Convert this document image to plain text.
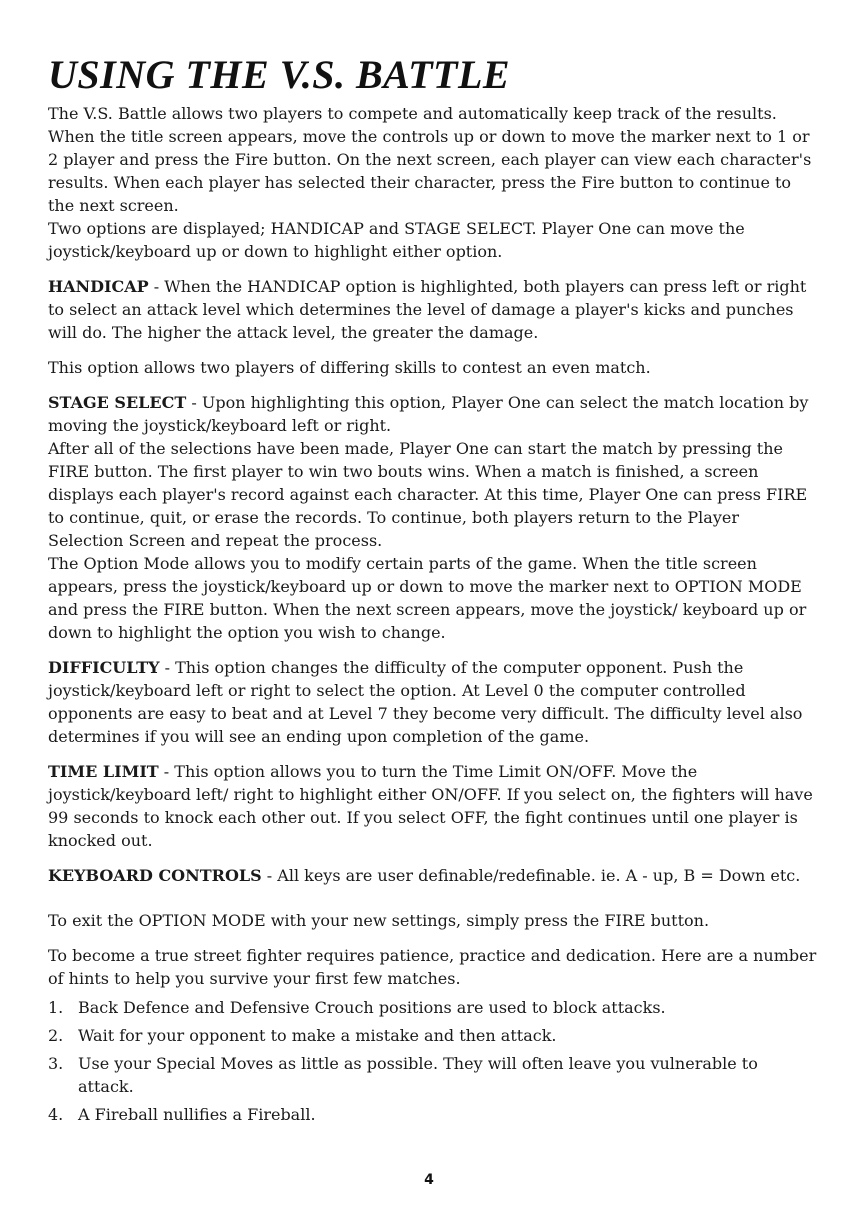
USING THE V.S. BATTLE

The V.S. Battle allows two players to compete and automatically keep track of the results. When the title screen appears, move the controls up or down to move the marker next to 1 or 2 player and press the Fire button. On the next screen, each player can view each character's results. When each player has selected their character, press the Fire button to continue to the next screen.

Two options are displayed; HANDICAP and STAGE SELECT. Player One can move the joystick/keyboard up or down to highlight either option.

HANDICAP - When the HANDICAP option is highlighted, both players can press left or right to select an attack level which determines the level of damage a player's kicks and punches will do. The higher the attack level, the greater the damage.

This option allows two players of differing skills to contest an even match.

STAGE SELECT - Upon highlighting this option, Player One can select the match location by moving the joystick/keyboard left or right.

After all of the selections have been made, Player One can start the match by pressing the FIRE button. The first player to win two bouts wins. When a match is finished, a screen displays each player's record against each character. At this time, Player One can press FIRE to continue, quit, or erase the records. To continue, both players return to the Player Selection Screen and repeat the process.

The Option Mode allows you to modify certain parts of the game. When the title screen appears, press the joystick/keyboard up or down to move the marker next to OPTION MODE and press the FIRE button. When the next screen appears, move the joystick/ keyboard up or down to highlight the option you wish to change.

DIFFICULTY - This option changes the difficulty of the computer opponent. Push the joystick/keyboard left or right to select the option. At Level 0 the computer controlled opponents are easy to beat and at Level 7 they become very difficult. The difficulty level also determines if you will see an ending upon completion of the game.

TIME LIMIT - This option allows you to turn the Time Limit ON/OFF. Move the joystick/keyboard left/ right to highlight either ON/OFF. If you select on, the fighters will have 99 seconds to knock each other out. If you select OFF, the fight continues until one player is knocked out.

KEYBOARD CONTROLS - All keys are user definable/redefinable. ie. A - up, B = Down etc.

To exit the OPTION MODE with your new settings, simply press the FIRE button.

To become a true street fighter requires patience, practice and dedication. Here are a number of hints to help you survive your first few matches.

1. Back Defence and Defensive Crouch positions are used to block attacks.
2. Wait for your opponent to make a mistake and then attack.
3. Use your Special Moves as little as possible. They will often leave you vulnerable to attack.
4. A Fireball nullifies a Fireball.
4
